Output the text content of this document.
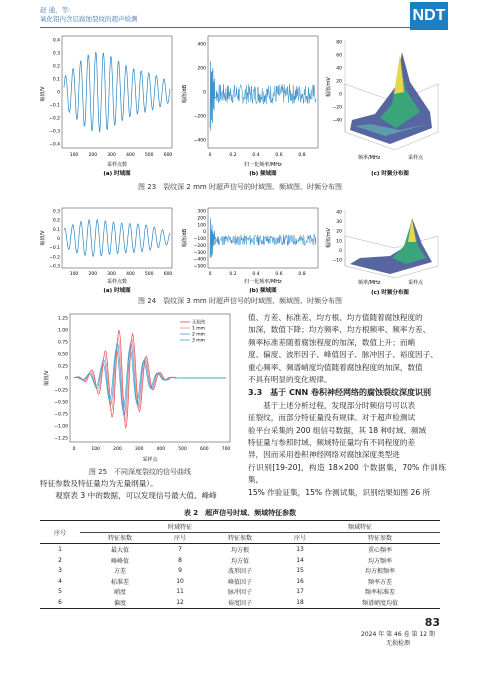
赵 通，等:
氧化铝内含层腐蚀裂纹的超声检测	NDT
幅值/V
0.4
0.3
0.2
0.1
0
−0.1
−0.2
−0.3
−0.4
100 200 300 400 500 600
采样点数
(a) 时域图
幅值/dB
400
200
0
−200
−400
0	0.2	0.4	0.6	0.8
归一化频率/MHz
(b) 频域图
80
60
40
20
0
−20
−40
幅值/mV
频率/MHz	采样点
(c) 时频分布图
图 23　裂纹深 2 mm 时超声信号的时域图、频域图、时频分布图
幅值/V
0.3
0.2
0.1
0
−0.1
−0.2
−0.3
100 200 300 400 500 600
采样点数
(a) 时域图
幅值/dB
300
200
100
0
−100
−200
−300
−400
−500
0	0.2	0.4	0.6	0.8
归一化频率/MHz
(b) 频域图
40
30
20
10
0
−10
幅值/mV
频率/MHz	采样点
(c) 时频分布图
图 24　裂纹深 3 mm 时超声信号的时域图、频域图、时频分布图
1.25
1.00
0.75
0.50
0.25
0
−0.25
−0.50
−0.75
−1.00
−1.25
0	100	200	300	400	500	600	700
无损伤
1 mm
2 mm
3 mm
幅值/V
采样点
图 25　不同深度裂纹的信号曲线
特征参数及特征量均为无量纲量）。
　　观察表 3 中的数据，可以发现信号最大值、峰峰
值、方差、标准差、均方根、均方值随着腐蚀程度的
加深，数值下降；均方频率、均方根频率、频率方差、
频率标准差随着腐蚀程度的加深，数值上升；而峭
度、偏度、波形因子、峰值因子、脉冲因子、裕度因子、
重心频率、频谱峭度均值随着腐蚀程度的加深，数值
不具有明显的变化规律。
3.3　基于 CNN 卷积神经网络的腐蚀裂纹深度识别
　　基于上述分析过程，发现部分时频信号可以表
征裂纹，而部分特征量没有规律。对于超声检测试
验平台采集的 200 组信号数据，其 18 种时域、频域
特征量与参照时域、频域特征量均有不同程度的差
异，因而采用卷积神经网络对腐蚀深度类型进
行识别[19-20]，构造 18×200 个数据集，70% 作训练集，
15% 作验证集，15% 作测试集，识别结果如图 26 所
表 2　超声信号时域、频域特征参数
序号	时域特征			频域特征	
	特征参数	序号	特征参数	序号	特征参数
1	最大值	7	均方根	13	重心频率
2	峰峰值	8	均方值	14	均方频率
3	方差	9	波形因子	15	均方根频率
4	标准差	10	峰值因子	16	频率方差
5	峭度	11	脉冲因子	17	频率标准差
6	偏度	12	裕度因子	18	频谱峭度均值
83
2024 年 第 46 卷 第 12 期
无损检测
